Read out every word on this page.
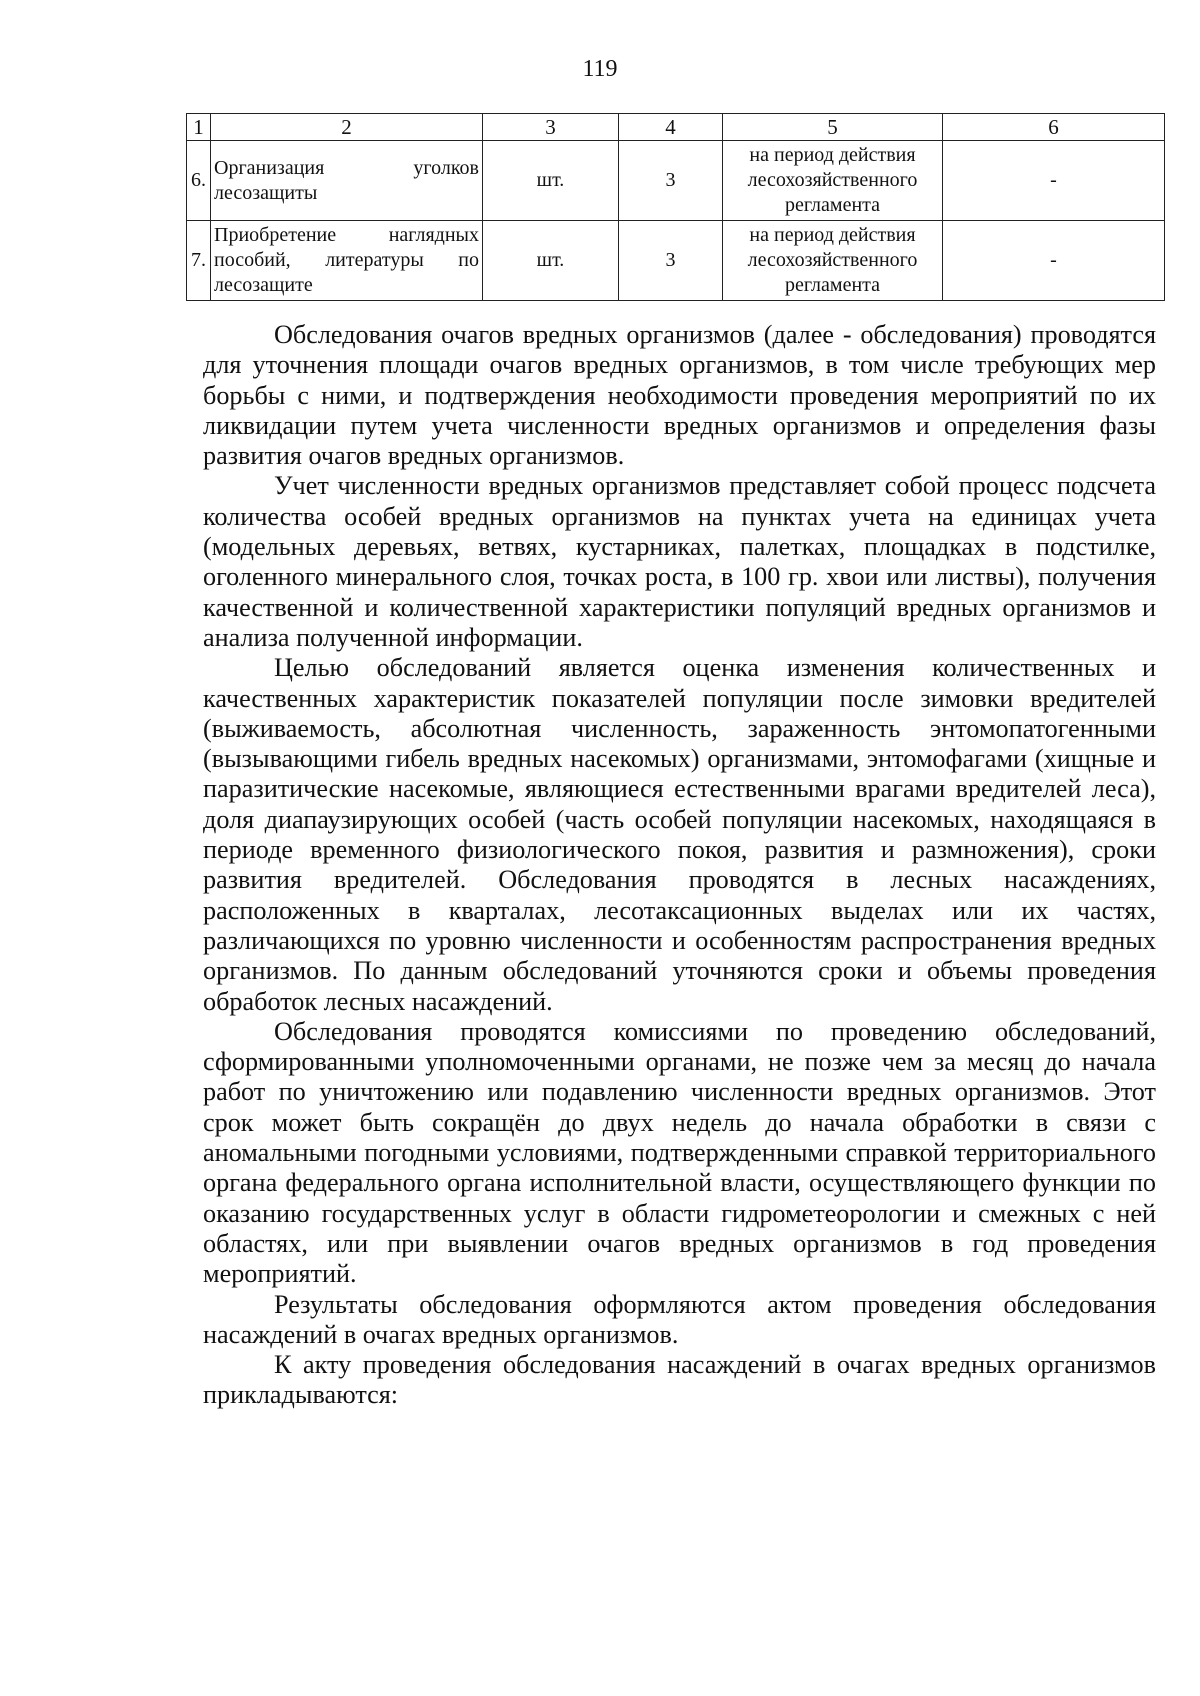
119
1	2	3	4	5	6
6.	Организация уголков лесозащиты	шт.	3	на период действия лесохозяйственного регламента	-
7.	Приобретение наглядных пособий, литературы по лесозащите	шт.	3	на период действия лесохозяйственного регламента	-

Обследования очагов вредных организмов (далее - обследования) проводятся для уточнения площади очагов вредных организмов, в том числе требующих мер борьбы с ними, и подтверждения необходимости проведения мероприятий по их ликвидации путем учета численности вредных организмов и определения фазы развития очагов вредных организмов.

Учет численности вредных организмов представляет собой процесс подсчета количества особей вредных организмов на пунктах учета на единицах учета (модельных деревьях, ветвях, кустарниках, палетках, площадках в подстилке, оголенного минерального слоя, точках роста, в 100 гр. хвои или листвы), получения качественной и количественной характеристики популяций вредных организмов и анализа полученной информации.

Целью обследований является оценка изменения количественных и качественных характеристик показателей популяции после зимовки вредителей (выживаемость, абсолютная численность, зараженность энтомопатогенными (вызывающими гибель вредных насекомых) организмами, энтомофагами (хищные и паразитические насекомые, являющиеся естественными врагами вредителей леса), доля диапаузирующих особей (часть особей популяции насекомых, находящаяся в периоде временного физиологического покоя, развития и размножения), сроки развития вредителей. Обследования проводятся в лесных насаждениях, расположенных в кварталах, лесотаксационных выделах или их частях, различающихся по уровню численности и особенностям распространения вредных организмов. По данным обследований уточняются сроки и объемы проведения обработок лесных насаждений.

Обследования проводятся комиссиями по проведению обследований, сформированными уполномоченными органами, не позже чем за месяц до начала работ по уничтожению или подавлению численности вредных организмов. Этот срок может быть сокращён до двух недель до начала обработки в связи с аномальными погодными условиями, подтвержденными справкой территориального органа федерального органа исполнительной власти, осуществляющего функции по оказанию государственных услуг в области гидрометеорологии и смежных с ней областях, или при выявлении очагов вредных организмов в год проведения мероприятий.

Результаты обследования оформляются актом проведения обследования насаждений в очагах вредных организмов.

К акту проведения обследования насаждений в очагах вредных организмов прикладываются:
